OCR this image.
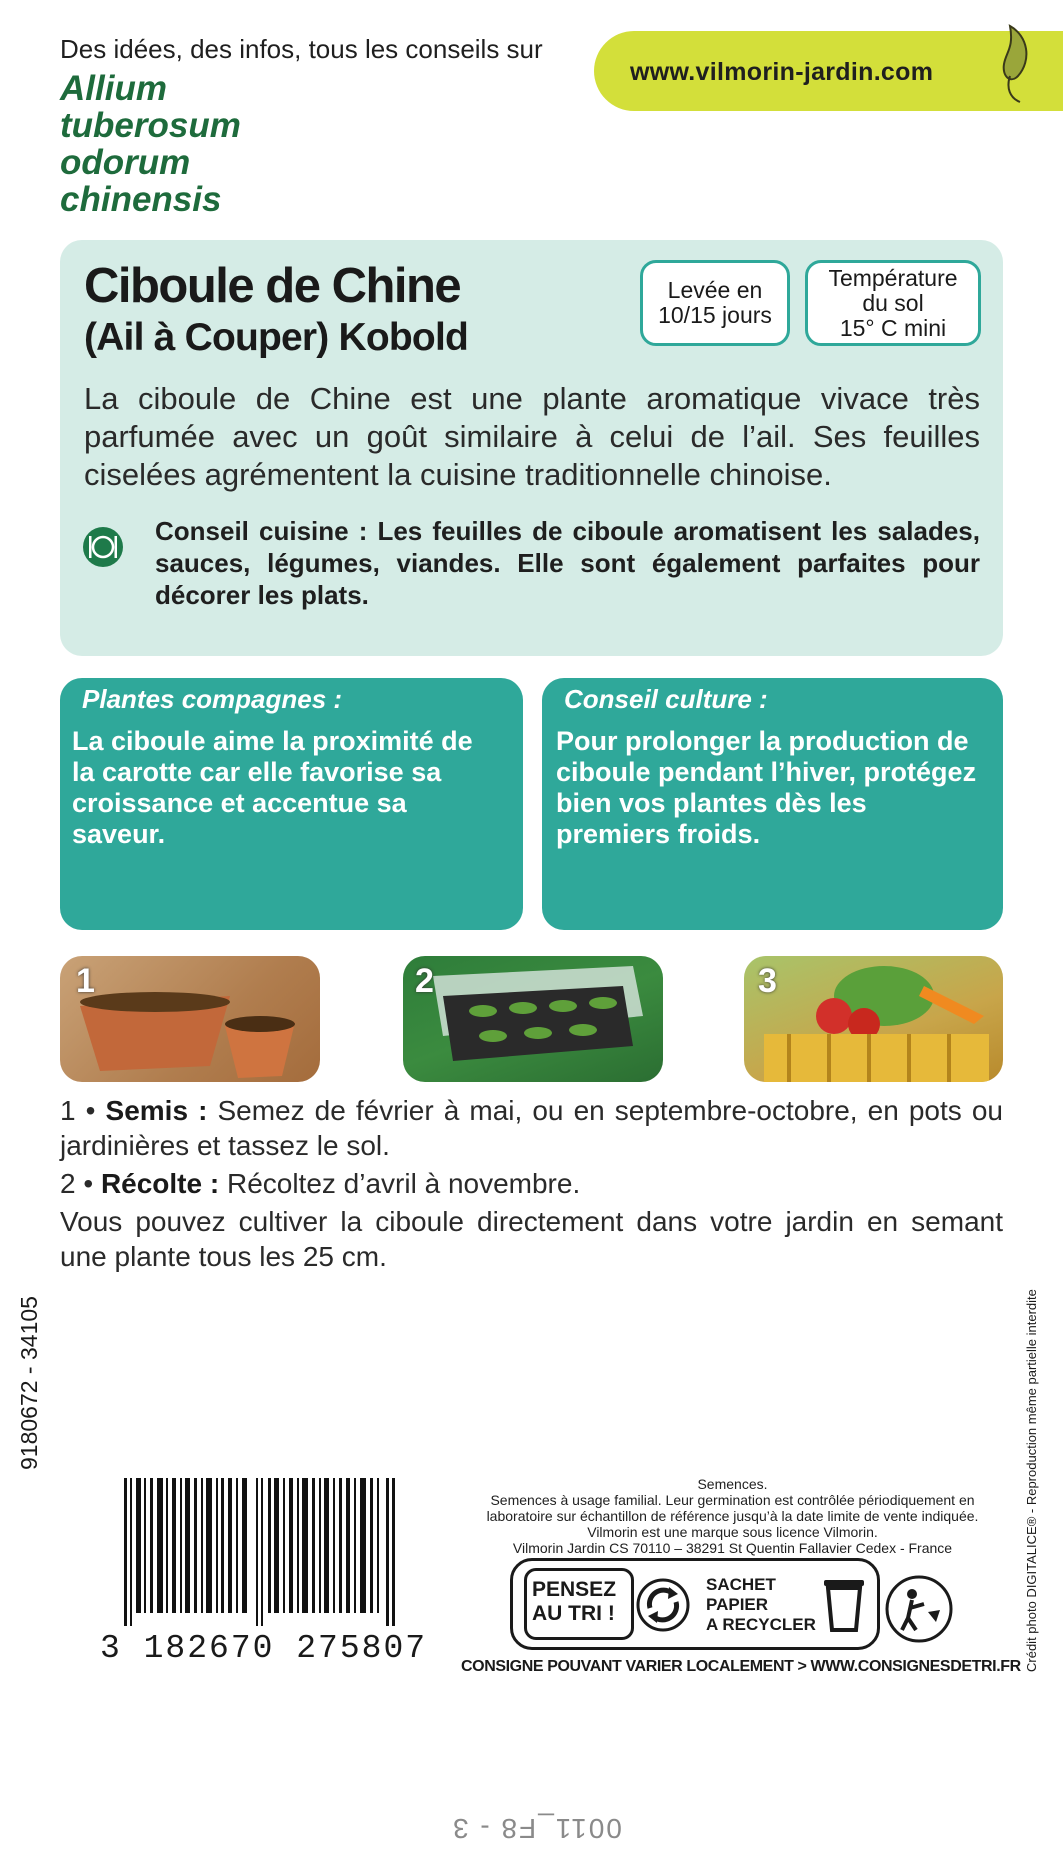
Des idées, des infos, tous les conseils sur
Allium
tuberosum
odorum
chinensis
www.vilmorin-jardin.com
Ciboule de Chine
(Ail à Couper) Kobold
Levée en
10/15 jours
Température
du sol
15° C mini
La ciboule de Chine est une plante aromatique vivace très parfumée avec un goût similaire à celui de l’ail. Ses feuilles ciselées agrémentent la cuisine traditionnelle chinoise.
Conseil cuisine : Les feuilles de ciboule aromatisent les salades, sauces, légumes, viandes. Elle sont également parfaites pour décorer les plats.
Plantes compagnes :
La ciboule aime la proximité de la carotte car elle favorise sa croissance et accentue sa saveur.
Conseil culture :
Pour prolonger la production de ciboule pendant l’hiver, protégez bien vos plantes dès les premiers froids.
1	2	3

1 • Semis : Semez de février à mai, ou en septembre-octobre, en pots ou jardinières et tassez le sol.

2 • Récolte : Récoltez d’avril à novembre.

Vous pouvez cultiver la ciboule directement dans votre jardin en semant une plante tous les 25 cm.

9180672 - 34105
3 182670 275807
Semences.
Semences à usage familial. Leur germination est contrôlée périodiquement en laboratoire sur échantillon de référence jusqu’à la date limite de vente indiquée.
Vilmorin est une marque sous licence Vilmorin.
Vilmorin Jardin CS 70110 – 38291 St Quentin Fallavier Cedex - France
PENSEZ
AU TRI !
SACHET
PAPIER
A RECYCLER
CONSIGNE POUVANT VARIER LOCALEMENT > WWW.CONSIGNESDETRI.FR Crédit photo DIGITALICE® - Reproduction même partielle interdite
0011_F8 - 3
